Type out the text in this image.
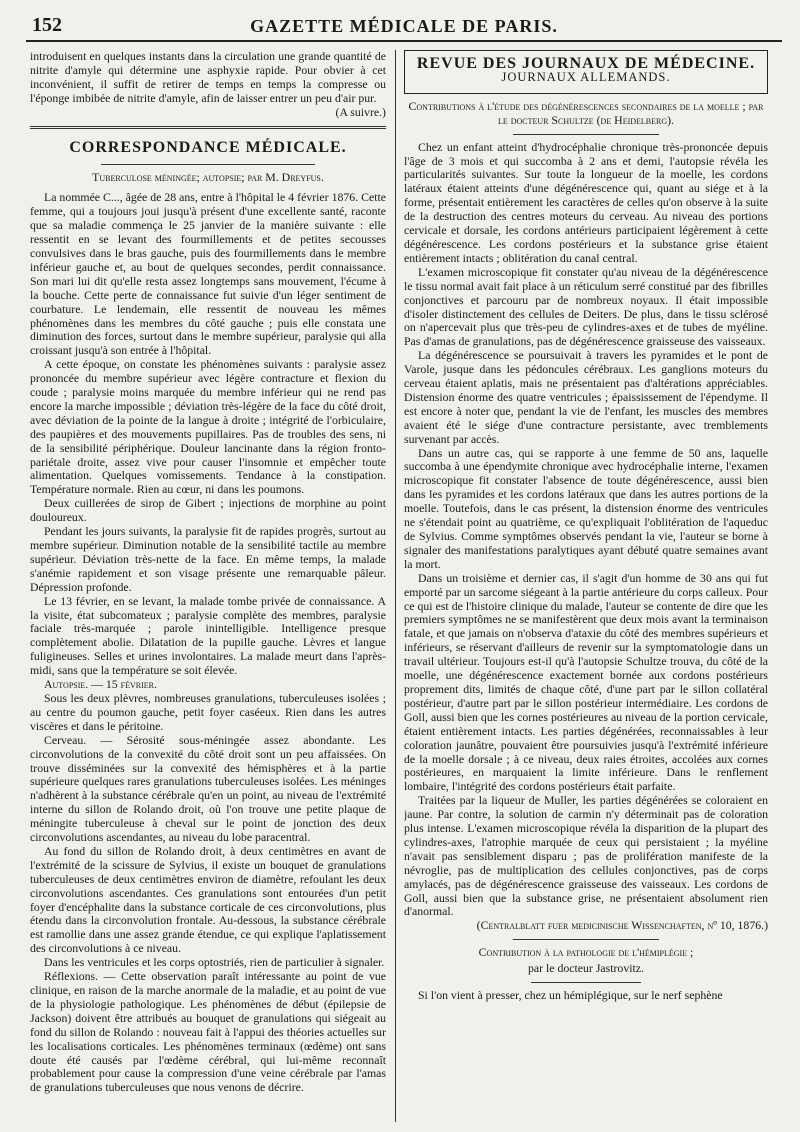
152	GAZETTE MÉDICALE DE PARIS.

introduisent en quelques instants dans la circulation une grande quantité de nitrite d'amyle qui détermine une asphyxie rapide. Pour obvier à cet inconvénient, il suffit de retirer de temps en temps la compresse ou l'éponge imbibée de nitrite d'amyle, afin de laisser entrer un peu d'air pur.

(A suivre.)
CORRESPONDANCE MÉDICALE.
Tuberculose méningée; autopsie; par M. Dreyfus.

La nommée C..., âgée de 28 ans, entre à l'hôpital le 4 février 1876. Cette femme, qui a toujours joui jusqu'à présent d'une excellente santé, raconte que sa maladie commença le 25 janvier de la manière suivante : elle ressentit en se levant des fourmillements et de petites secousses convulsives dans le bras gauche, puis des fourmillements dans le membre inférieur gauche et, au bout de quelques secondes, perdit connaissance. Son mari lui dit qu'elle resta assez longtemps sans mouvement, l'écume à la bouche. Cette perte de connaissance fut suivie d'un léger sentiment de courbature. Le lendemain, elle ressentit de nouveau les mêmes phénomènes dans les membres du côté gauche ; puis elle constata une diminution des forces, surtout dans le membre supérieur, paralysie qui alla croissant jusqu'à son entrée à l'hôpital.

A cette époque, on constate les phénomènes suivants : paralysie assez prononcée du membre supérieur avec légère contracture et flexion du coude ; paralysie moins marquée du membre inférieur qui ne rend pas encore la marche impossible ; déviation très-légère de la face du côté droit, avec déviation de la pointe de la langue à droite ; intégrité de l'orbiculaire, des paupières et des mouvements pupillaires. Pas de troubles des sens, ni de la sensibilité périphérique. Douleur lancinante dans la région fronto-pariétale droite, assez vive pour causer l'insomnie et empêcher toute alimentation. Quelques vomissements. Tendance à la constipation. Température normale. Rien au cœur, ni dans les poumons.

Deux cuillerées de sirop de Gibert ; injections de morphine au point douloureux.

Pendant les jours suivants, la paralysie fit de rapides progrès, surtout au membre supérieur. Diminution notable de la sensibilité tactile au membre supérieur. Déviation très-nette de la face. En même temps, la malade s'anémie rapidement et son visage présente une remarquable pâleur. Dépression profonde.

Le 13 février, en se levant, la malade tombe privée de connaissance. A la visite, état subcomateux ; paralysie complète des membres, paralysie faciale très-marquée ; parole inintelligible. Intelligence presque complètement abolie. Dilatation de la pupille gauche. Lèvres et langue fuligineuses. Selles et urines involontaires. La malade meurt dans l'après-midi, sans que la température se soit élevée.

Autopsie. — 15 février.

Sous les deux plèvres, nombreuses granulations, tuberculeuses isolées ; au centre du poumon gauche, petit foyer caséeux. Rien dans les autres viscères et dans le péritoine.

Cerveau. — Sérosité sous-méningée assez abondante. Les circonvolutions de la convexité du côté droit sont un peu affaissées. On trouve disséminées sur la convexité des hémisphères et à la partie supérieure quelques rares granulations tuberculeuses isolées. Les méninges n'adhèrent à la substance cérébrale qu'en un point, au niveau de l'extrémité interne du sillon de Rolando droit, où l'on trouve une petite plaque de méningite tuberculeuse à cheval sur le point de jonction des deux circonvolutions ascendantes, au niveau du lobe paracentral.

Au fond du sillon de Rolando droit, à deux centimètres en avant de l'extrémité de la scissure de Sylvius, il existe un bouquet de granulations tuberculeuses de deux centimètres environ de diamètre, refoulant les deux circonvolutions ascendantes. Ces granulations sont entourées d'un petit foyer d'encéphalite dans la substance corticale de ces circonvolutions, plus étendu dans la circonvolution frontale. Au-dessous, la substance cérébrale est ramollie dans une assez grande étendue, ce qui explique l'aplatissement des circonvolutions à ce niveau.

Dans les ventricules et les corps optostriés, rien de particulier à signaler.

Réflexions. — Cette observation paraît intéressante au point de vue clinique, en raison de la marche anormale de la maladie, et au point de vue de la physiologie pathologique. Les phénomènes de début (épilepsie de Jackson) doivent être attribués au bouquet de granulations qui siégeait au fond du sillon de Rolando : nouveau fait à l'appui des théories actuelles sur les localisations corticales. Les phénomènes terminaux (œdème) ont sans doute été causés par l'œdème cérébral, qui lui-même reconnaît probablement pour cause la compression d'une veine cérébrale par l'amas de granulations tuberculeuses que nous venons de décrire.

REVUE DES JOURNAUX DE MÉDECINE.
JOURNAUX ALLEMANDS.
Contributions à l'étude des dégénérescences secondaires de la moelle ; par le docteur Schultze (de Heidelberg).

Chez un enfant atteint d'hydrocéphalie chronique très-prononcée depuis l'âge de 3 mois et qui succomba à 2 ans et demi, l'autopsie révéla les particularités suivantes. Sur toute la longueur de la moelle, les cordons latéraux étaient atteints d'une dégénérescence qui, quant au siége et à la forme, présentait entièrement les caractères de celles qu'on observe à la suite de la destruction des centres moteurs du cerveau. Au niveau des portions cervicale et dorsale, les cordons antérieurs participaient légèrement à cette dégénérescence. Les cordons postérieurs et la substance grise étaient entièrement intacts ; oblitération du canal central.

L'examen microscopique fit constater qu'au niveau de la dégénérescence le tissu normal avait fait place à un réticulum serré constitué par des fibrilles conjonctives et parcouru par de nombreux noyaux. Il était impossible d'isoler distinctement des cellules de Deiters. De plus, dans le tissu sclérosé on n'apercevait plus que très-peu de cylindres-axes et de tubes de myéline. Pas d'amas de granulations, pas de dégénérescence graisseuse des vaisseaux.

La dégénérescence se poursuivait à travers les pyramides et le pont de Varole, jusque dans les pédoncules cérébraux. Les ganglions moteurs du cerveau étaient aplatis, mais ne présentaient pas d'altérations appréciables. Distension énorme des quatre ventricules ; épaississement de l'épendyme. Il est encore à noter que, pendant la vie de l'enfant, les muscles des membres avaient été le siége d'une contracture persistante, avec tremblements survenant par accès.

Dans un autre cas, qui se rapporte à une femme de 50 ans, laquelle succomba à une épendymite chronique avec hydrocéphalie interne, l'examen microscopique fit constater l'absence de toute dégénérescence, aussi bien dans les pyramides et les cordons latéraux que dans les autres portions de la moelle. Toutefois, dans le cas présent, la distension énorme des ventricules ne s'étendait point au quatrième, ce qu'expliquait l'oblitération de l'aqueduc de Sylvius. Comme symptômes observés pendant la vie, l'auteur se borne à signaler des manifestations paralytiques ayant débuté quatre semaines avant la mort.

Dans un troisième et dernier cas, il s'agit d'un homme de 30 ans qui fut emporté par un sarcome siégeant à la partie antérieure du corps calleux. Pour ce qui est de l'histoire clinique du malade, l'auteur se contente de dire que les premiers symptômes ne se manifestèrent que deux mois avant la terminaison fatale, et que jamais on n'observa d'ataxie du côté des membres supérieurs et inférieurs, se réservant d'ailleurs de revenir sur la symptomatologie dans un travail ultérieur. Toujours est-il qu'à l'autopsie Schultze trouva, du côté de la moelle, une dégénérescence exactement bornée aux cordons postérieurs proprement dits, limités de chaque côté, d'une part par le sillon collatéral postérieur, d'autre part par le sillon postérieur intermédiaire. Les cordons de Goll, aussi bien que les cornes postérieures au niveau de la portion cervicale, étaient entièrement intacts. Les parties dégénérées, reconnaissables à leur coloration jaunâtre, pouvaient être poursuivies jusqu'à l'extrémité inférieure de la moelle dorsale ; à ce niveau, deux raies étroites, accolées aux cornes postérieures, en marquaient la limite inférieure. Dans le renflement lombaire, l'intégrité des cordons postérieurs était parfaite.

Traitées par la liqueur de Muller, les parties dégénérées se coloraient en jaune. Par contre, la solution de carmin n'y déterminait pas de coloration plus intense. L'examen microscopique révéla la disparition de la plupart des cylindres-axes, l'atrophie marquée de ceux qui persistaient ; la myéline n'avait pas sensiblement disparu ; pas de prolifération manifeste de la névroglie, pas de multiplication des cellules conjonctives, pas de corps amylacés, pas de dégénérescence graisseuse des vaisseaux. Les cordons de Goll, aussi bien que la substance grise, ne présentaient absolument rien d'anormal.

(Centralblatt fuer medicinische Wissenchaften, nº 10, 1876.)
Contribution à la pathologie de l'hémiplégie ;
par le docteur Jastrovitz.

Si l'on vient à presser, chez un hémiplégique, sur le nerf sephène
